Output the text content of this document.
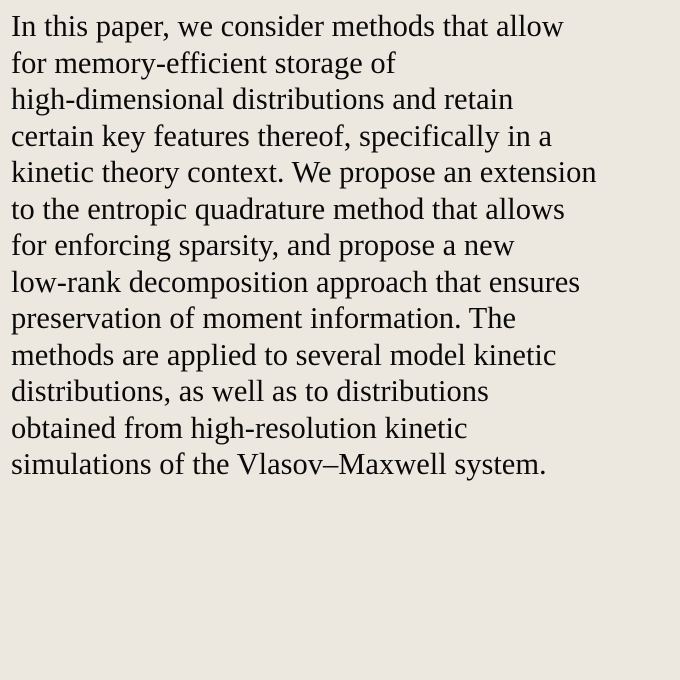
In this paper, we consider methods that allow
for memory-efficient storage of
high-dimensional distributions and retain
certain key features thereof, specifically in a
kinetic theory context. We propose an extension
to the entropic quadrature method that allows
for enforcing sparsity, and propose a new
low-rank decomposition approach that ensures
preservation of moment information. The
methods are applied to several model kinetic
distributions, as well as to distributions
obtained from high-resolution kinetic
simulations of the Vlasov–Maxwell system.
